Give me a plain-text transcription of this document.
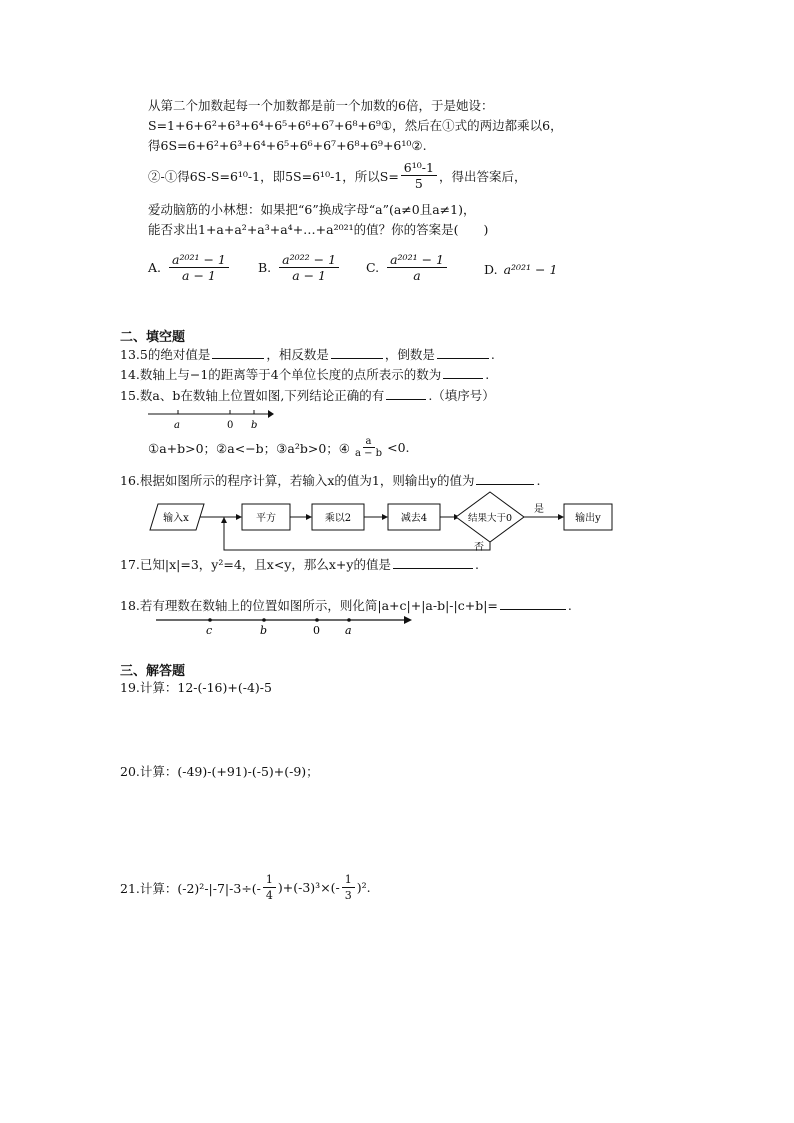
从第二个加数起每一个加数都是前一个加数的6倍，于是她设：
S=1+6+6²+6³+6⁴+6⁵+6⁶+6⁷+6⁸+6⁹①，然后在①式的两边都乘以6，
得6S=6+6²+6³+6⁴+6⁵+6⁶+6⁷+6⁸+6⁹+6¹⁰②.
②-①得6S-S=6¹⁰-1，即5S=6¹⁰-1，所以$S= \frac{\text{6¹⁰-1}}{5}$ ，得出答案后，
爱动脑筋的小林想：如果把“6”换成字母“a”(a≠0且a≠1)，
能否求出1+a+a²+a³+a⁴+…+a²⁰²¹的值？你的答案是(　　)
A. $\frac{\text{a²⁰²¹ − 1}}{a - 1} B$. $\frac{\text{a²⁰²² − 1}}{a - 1} C$. $\frac{\text{a²⁰²¹ − 1}}{a}$	D. a²⁰²¹ − 1
二、填空题
13.5的绝对值是	，相反数是	，倒数是	.
14.数轴上与−1的距离等于4个单位长度的点所表示的数为	.
15.数a、b在数轴上位置如图,下列结论正确的有	.（填序号）
a	0 b
①a+b>0；②a<−b；③a²b>0；④ $\frac{a}{a - b} <0$.
16.根据如图所示的程序计算，若输入x的值为1，则输出y的值为	.
输入x	平方	乘以2	减去4	结果大于0
是
输出y
否
17.已知|x|=3，y²=4，且x<y，那么x+y的值是	.
18.若有理数在数轴上的位置如图所示，则化简|a+c|+|a-b|-|c+b|=	.
c	b	0 a
三、解答题
19.计算：12-(-16)+(-4)-5
20.计算：(-49)-(+91)-(-5)+(-9)；
21.计算：$(-2)^2-|-7|-3\div(- \frac{1}{4} )+(-3)^3\times(- \frac{1}{3} )^2$.
